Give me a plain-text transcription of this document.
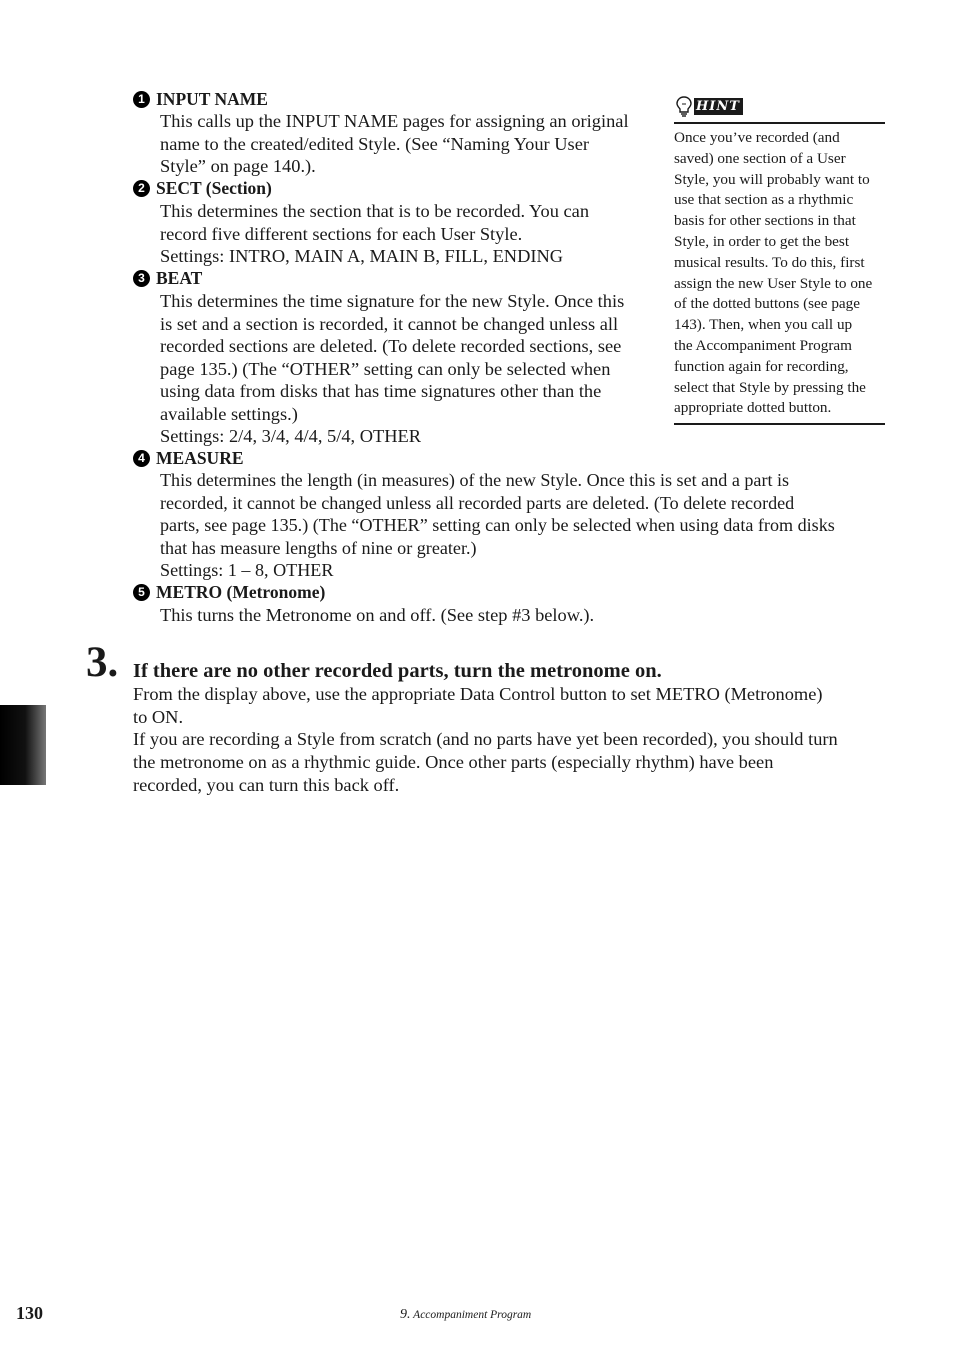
1 INPUT NAME

This calls up the INPUT NAME pages for assigning an original

name to the created/edited Style. (See “Naming Your User

Style” on page 140.).

2 SECT (Section)

This determines the section that is to be recorded. You can

record five different sections for each User Style.

Settings: INTRO, MAIN A, MAIN B, FILL, ENDING

3 BEAT

This determines the time signature for the new Style. Once this

is set and a section is recorded, it cannot be changed unless all

recorded sections are deleted. (To delete recorded sections, see

page 135.) (The “OTHER” setting can only be selected when

using data from disks that has time signatures other than the

available settings.)

Settings: 2/4, 3/4, 4/4, 5/4, OTHER

4 MEASURE

This determines the length (in measures) of the new Style. Once this is set and a part is

recorded, it cannot be changed unless all recorded parts are deleted. (To delete recorded

parts, see page 135.) (The “OTHER” setting can only be selected when using data from disks

that has measure lengths of nine or greater.)

Settings: 1 – 8, OTHER

5 METRO (Metronome)

This turns the Metronome on and off. (See step #3 below.).

HINT
Once you’ve recorded (and
saved) one section of a User
Style, you will probably want to
use that section as a rhythmic
basis for other sections in that
Style, in order to get the best
musical results. To do this, first
assign the new User Style to one
of the dotted buttons (see page
143). Then, when you call up
the Accompaniment Program
function again for recording,
select that Style by pressing the
appropriate dotted button.
3. If there are no other recorded parts, turn the metronome on.

From the display above, use the appropriate Data Control button to set METRO (Metronome)

to ON.

If you are recording a Style from scratch (and no parts have yet been recorded), you should turn

the metronome on as a rhythmic guide. Once other parts (especially rhythm) have been

recorded, you can turn this back off.

130	9. Accompaniment Program
